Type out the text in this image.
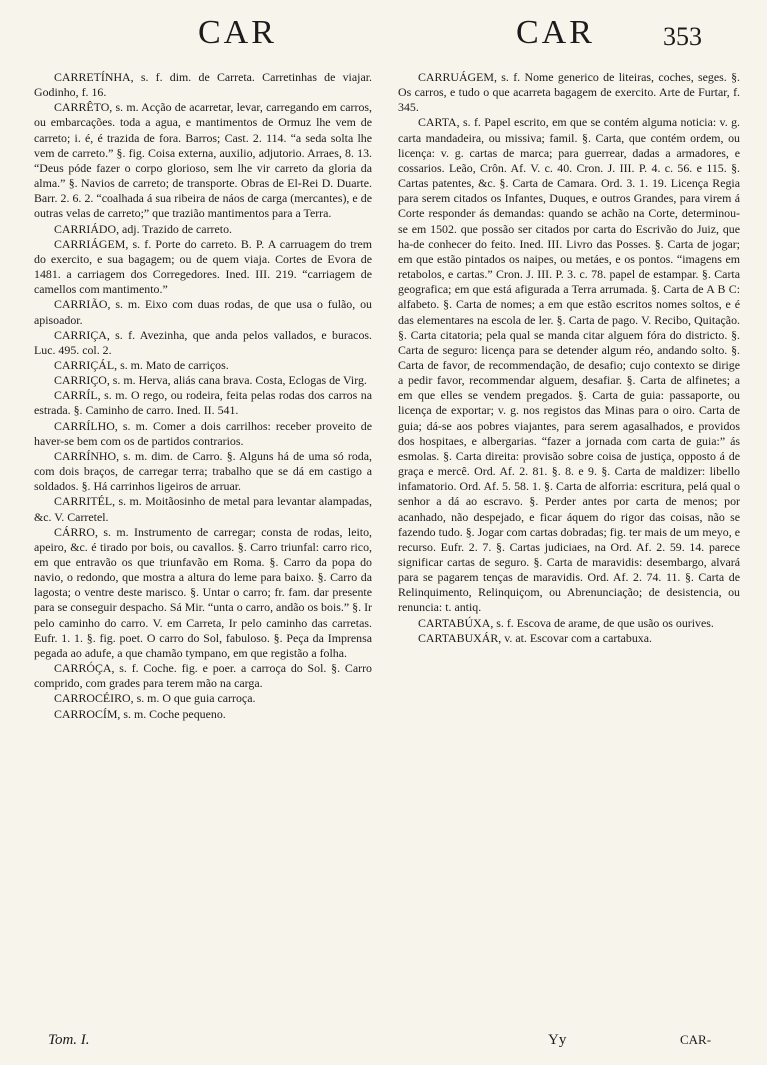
CAR	CAR	353

CARRETÍNHA, s. f. dim. de Carreta. Carretinhas de viajar. Godinho, f. 16.

CARRÊTO, s. m. Acção de acarretar, levar, carregando em carros, ou embarcações. toda a agua, e mantimentos de Ormuz lhe vem de carreto; i. é, é trazida de fora. Barros; Cast. 2. 114. “a seda solta lhe vem de carreto.” §. fig. Coisa externa, auxilio, adjutorio. Arraes, 8. 13. “Deus póde fazer o corpo glorioso, sem lhe vir carreto da gloria da alma.” §. Navios de carreto; de transporte. Obras de El-Rei D. Duarte. Barr. 2. 6. 2. “coalhada á sua ribeira de náos de carga (mercantes), e de outras velas de carreto;” que trazião mantimentos para a Terra.

CARRIÁDO, adj. Trazido de carreto.

CARRIÁGEM, s. f. Porte do carreto. B. P. A carruagem do trem do exercito, e sua bagagem; ou de quem viaja. Cortes de Evora de 1481. a carriagem dos Corregedores. Ined. III. 219. “carriagem de camellos com mantimento.”

CARRIÃO, s. m. Eixo com duas rodas, de que usa o fulão, ou apisoador.

CARRIÇA, s. f. Avezinha, que anda pelos vallados, e buracos. Luc. 495. col. 2.

CARRIÇÁL, s. m. Mato de carriços.

CARRIÇO, s. m. Herva, aliás cana brava. Costa, Eclogas de Virg.

CARRÍL, s. m. O rego, ou rodeira, feita pelas rodas dos carros na estrada. §. Caminho de carro. Ined. II. 541.

CARRÍLHO, s. m. Comer a dois carrilhos: receber proveito de haver-se bem com os de partidos contrarios.

CARRÍNHO, s. m. dim. de Carro. §. Alguns há de uma só roda, com dois braços, de carregar terra; trabalho que se dá em castigo a soldados. §. Há carrinhos ligeiros de arruar.

CARRITÉL, s. m. Moitãosinho de metal para levantar alampadas, &c. V. Carretel.

CÁRRO, s. m. Instrumento de carregar; consta de rodas, leito, apeiro, &c. é tirado por bois, ou cavallos. §. Carro triunfal: carro rico, em que entravão os que triunfavão em Roma. §. Carro da popa do navio, o redondo, que mostra a altura do leme para baixo. §. Carro da lagosta; o ventre deste marisco. §. Untar o carro; fr. fam. dar presente para se conseguir despacho. Sá Mir. “unta o carro, andão os bois.” §. Ir pelo caminho do carro. V. em Carreta, Ir pelo caminho das carretas. Eufr. 1. 1. §. fig. poet. O carro do Sol, fabuloso. §. Peça da Imprensa pegada ao adufe, a que chamão tympano, em que registão a folha.

CARRÓÇA, s. f. Coche. fig. e poer. a carroça do Sol. §. Carro comprido, com grades para terem mão na carga.

CARROCÉIRO, s. m. O que guia carroça.

CARROCÍM, s. m. Coche pequeno.

CARRUÁGEM, s. f. Nome generico de liteiras, coches, seges. §. Os carros, e tudo o que acarreta bagagem de exercito. Arte de Furtar, f. 345.

CARTA, s. f. Papel escrito, em que se contém alguma noticia: v. g. carta mandadeira, ou missiva; famil. §. Carta, que contém ordem, ou licença: v. g. cartas de marca; para guerrear, dadas a armadores, e cossarios. Leão, Crôn. Af. V. c. 40. Cron. J. III. P. 4. c. 56. e 115. §. Cartas patentes, &c. §. Carta de Camara. Ord. 3. 1. 19. Licença Regia para serem citados os Infantes, Duques, e outros Grandes, para virem á Corte responder ás demandas: quando se achão na Corte, determinou-se em 1502. que possão ser citados por carta do Escrivão do Juiz, que ha-de conhecer do feito. Ined. III. Livro das Posses. §. Carta de jogar; em que estão pintados os naipes, ou metáes, e os pontos. “imagens em retabolos, e cartas.” Cron. J. III. P. 3. c. 78. papel de estampar. §. Carta geografica; em que está afigurada a Terra arrumada. §. Carta de A B C: alfabeto. §. Carta de nomes; a em que estão escritos nomes soltos, e é das elementares na escola de ler. §. Carta de pago. V. Recibo, Quitação. §. Carta citatoria; pela qual se manda citar alguem fóra do districto. §. Carta de seguro: licença para se detender algum réo, andando solto. §. Carta de favor, de recommendação, de desafio; cujo contexto se dirige a pedir favor, recommendar alguem, desafiar. §. Carta de alfinetes; a em que elles se vendem pregados. §. Carta de guia: passaporte, ou licença de exportar; v. g. nos registos das Minas para o oiro. Carta de guia; dá-se aos pobres viajantes, para serem agasalhados, e providos dos hospitaes, e albergarias. “fazer a jornada com carta de guia:” ás esmolas. §. Carta direita: provisão sobre coisa de justiça, opposto á de graça e mercê. Ord. Af. 2. 81. §. 8. e 9. §. Carta de maldizer: libello infamatorio. Ord. Af. 5. 58. 1. §. Carta de alforria: escritura, pelá qual o senhor a dá ao escravo. §. Perder antes por carta de menos; por acanhado, não despejado, e ficar áquem do rigor das coisas, não se fazendo tudo. §. Jogar com cartas dobradas; fig. ter mais de um meyo, e recurso. Eufr. 2. 7. §. Cartas judiciaes, na Ord. Af. 2. 59. 14. parece significar cartas de seguro. §. Carta de maravidis: desembargo, alvará para se pagarem tenças de maravidis. Ord. Af. 2. 74. 11. §. Carta de Relinquimento, Relinquiçom, ou Abrenunciação; de desistencia, ou renuncia: t. antiq.

CARTABÚXA, s. f. Escova de arame, de que usão os ourives.

CARTABUXÁR, v. at. Escovar com a cartabuxa.

Tom. I.	Yy	CAR-
